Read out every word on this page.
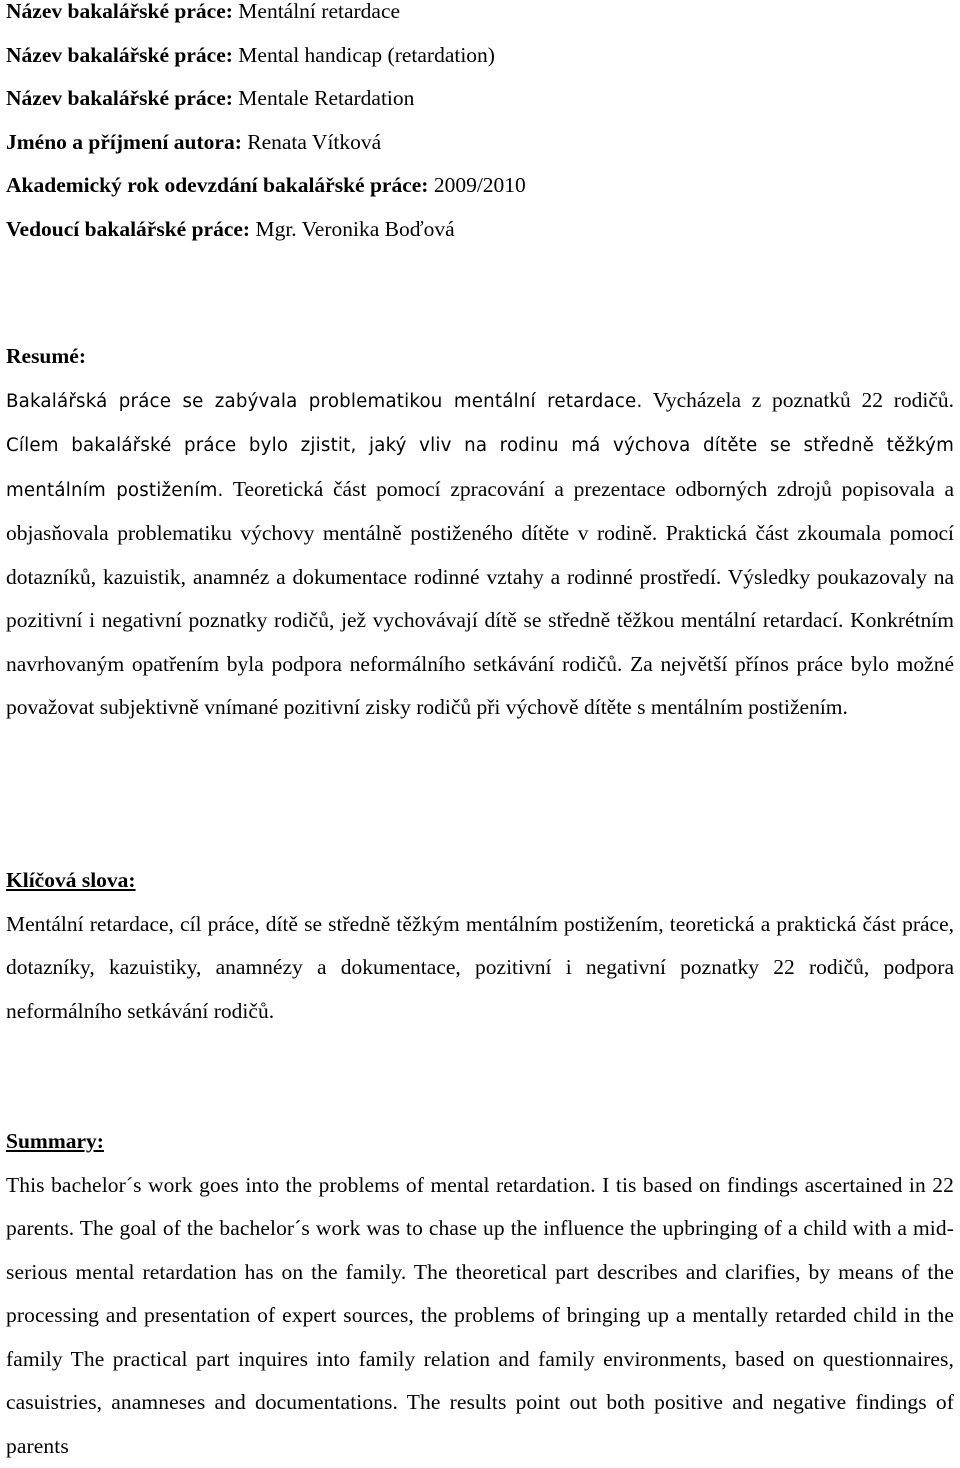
Název bakalářské práce: Mentální retardace
Název bakalářské práce: Mental handicap (retardation)
Název bakalářské práce: Mentale Retardation
Jméno a příjmení autora: Renata Vítková
Akademický rok odevzdání bakalářské práce: 2009/2010
Vedoucí bakalářské práce: Mgr. Veronika Boďová
Resumé:

Bakalářská práce se zabývala problematikou mentální retardace. Vycházela z poznatků 22 rodičů. Cílem bakalářské práce bylo zjistit, jaký vliv na rodinu má výchova dítěte se středně těžkým mentálním postižením. Teoretická část pomocí zpracování a prezentace odborných zdrojů popisovala a objasňovala problematiku výchovy mentálně postiženého dítěte v rodině. Praktická část zkoumala pomocí dotazníků, kazuistik, anamnéz a dokumentace rodinné vztahy a rodinné prostředí. Výsledky poukazovaly na pozitivní i negativní poznatky rodičů, jež vychovávají dítě se středně těžkou mentální retardací. Konkrétním navrhovaným opatřením byla podpora neformálního setkávání rodičů. Za největší přínos práce bylo možné považovat subjektivně vnímané pozitivní zisky rodičů při výchově dítěte s mentálním postižením.

Klíčová slova:

Mentální retardace, cíl práce, dítě se středně těžkým mentálním postižením, teoretická a praktická část práce, dotazníky, kazuistiky, anamnézy a dokumentace, pozitivní i negativní poznatky 22 rodičů, podpora neformálního setkávání rodičů.

Summary:

This bachelor´s work goes into the problems of mental retardation. I tis based on findings ascertained in 22 parents. The goal of the bachelor´s work was to chase up the influence the upbringing of a child with a mid-serious mental retardation has on the family. The theoretical part describes and clarifies, by means of the processing and presentation of expert sources, the problems of bringing up a mentally retarded child in the family The practical part inquires into family relation and family environments, based on questionnaires, casuistries, anamneses and documentations. The results point out both positive and negative findings of parents
